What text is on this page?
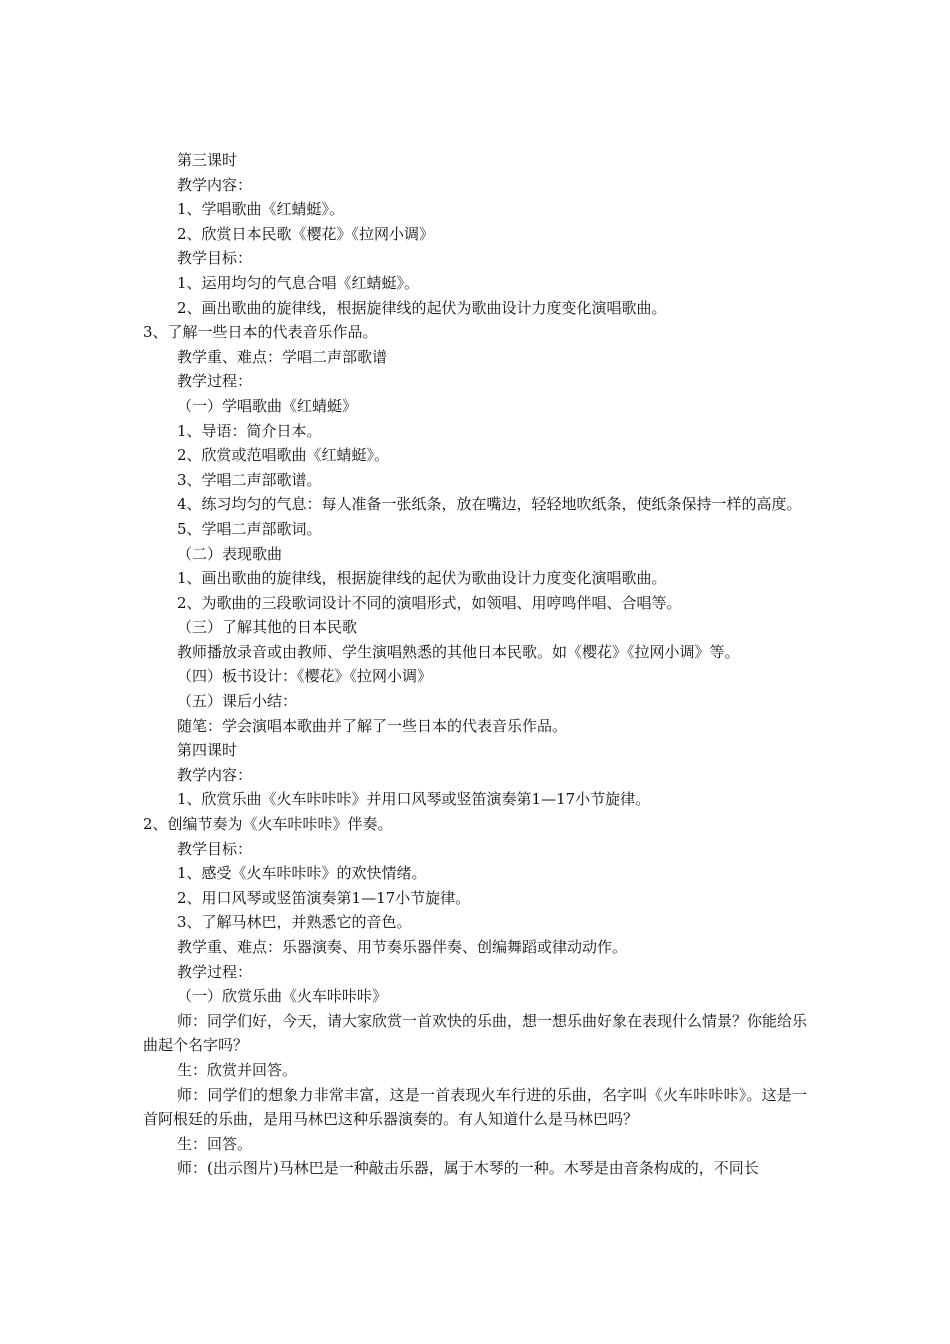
第三课时

教学内容：

1、学唱歌曲《红蜻蜓》。

2、欣赏日本民歌《樱花》《拉网小调》

教学目标：

1、运用均匀的气息合唱《红蜻蜓》。

2、画出歌曲的旋律线，根据旋律线的起伏为歌曲设计力度变化演唱歌曲。

3、了解一些日本的代表音乐作品。

教学重、难点：学唱二声部歌谱

教学过程：

（一）学唱歌曲《红蜻蜓》

1、导语：简介日本。

2、欣赏或范唱歌曲《红蜻蜓》。

3、学唱二声部歌谱。

4、练习均匀的气息：每人准备一张纸条，放在嘴边，轻轻地吹纸条，使纸条保持一样的高度。

5、学唱二声部歌词。

（二）表现歌曲

1、画出歌曲的旋律线，根据旋律线的起伏为歌曲设计力度变化演唱歌曲。

2、为歌曲的三段歌词设计不同的演唱形式，如领唱、用哼鸣伴唱、合唱等。

（三）了解其他的日本民歌

教师播放录音或由教师、学生演唱熟悉的其他日本民歌。如《樱花》《拉网小调》等。

（四）板书设计：《樱花》《拉网小调》

（五）课后小结：

随笔：学会演唱本歌曲并了解了一些日本的代表音乐作品。

第四课时

教学内容：

1、欣赏乐曲《火车咔咔咔》并用口风琴或竖笛演奏第1—17小节旋律。

2、创编节奏为《火车咔咔咔》伴奏。

教学目标：

1、感受《火车咔咔咔》的欢快情绪。

2、用口风琴或竖笛演奏第1—17小节旋律。

3、了解马林巴，并熟悉它的音色。

教学重、难点：乐器演奏、用节奏乐器伴奏、创编舞蹈或律动动作。

教学过程：

（一）欣赏乐曲《火车咔咔咔》

师：同学们好，今天，请大家欣赏一首欢快的乐曲，想一想乐曲好象在表现什么情景？你能给乐曲起个名字吗？

生：欣赏并回答。

师：同学们的想象力非常丰富，这是一首表现火车行进的乐曲，名字叫《火车咔咔咔》。这是一首阿根廷的乐曲，是用马林巴这种乐器演奏的。有人知道什么是马林巴吗？

生：回答。

师：(出示图片)马林巴是一种敲击乐器，属于木琴的一种。木琴是由音条构成的，不同长
